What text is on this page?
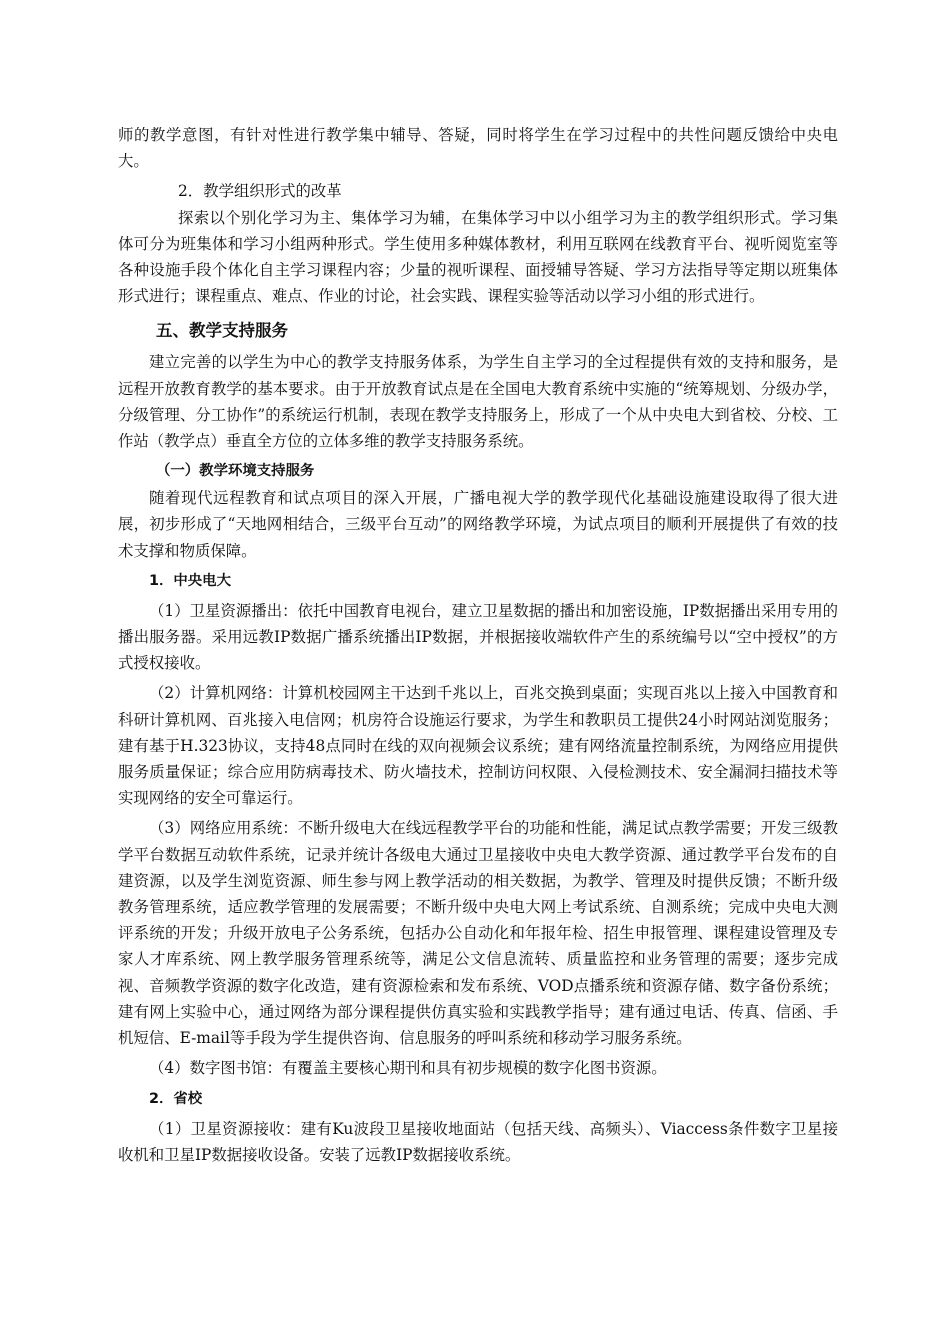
师的教学意图，有针对性进行教学集中辅导、答疑，同时将学生在学习过程中的共性问题反馈给中央电大。

2．教学组织形式的改革

探索以个别化学习为主、集体学习为辅，在集体学习中以小组学习为主的教学组织形式。学习集体可分为班集体和学习小组两种形式。学生使用多种媒体教材，利用互联网在线教育平台、视听阅览室等各种设施手段个体化自主学习课程内容；少量的视听课程、面授辅导答疑、学习方法指导等定期以班集体形式进行；课程重点、难点、作业的讨论，社会实践、课程实验等活动以学习小组的形式进行。

五、教学支持服务

建立完善的以学生为中心的教学支持服务体系，为学生自主学习的全过程提供有效的支持和服务，是远程开放教育教学的基本要求。由于开放教育试点是在全国电大教育系统中实施的“统筹规划、分级办学，分级管理、分工协作”的系统运行机制，表现在教学支持服务上，形成了一个从中央电大到省校、分校、工作站（教学点）垂直全方位的立体多维的教学支持服务系统。

（一）教学环境支持服务

随着现代远程教育和试点项目的深入开展，广播电视大学的教学现代化基础设施建设取得了很大进展，初步形成了“天地网相结合，三级平台互动”的网络教学环境，为试点项目的顺利开展提供了有效的技术支撑和物质保障。

1．中央电大

（1）卫星资源播出：依托中国教育电视台，建立卫星数据的播出和加密设施，IP数据播出采用专用的播出服务器。采用远教IP数据广播系统播出IP数据，并根据接收端软件产生的系统编号以“空中授权”的方式授权接收。

（2）计算机网络：计算机校园网主干达到千兆以上，百兆交换到桌面；实现百兆以上接入中国教育和科研计算机网、百兆接入电信网；机房符合设施运行要求，为学生和教职员工提供24小时网站浏览服务；建有基于H.323协议，支持48点同时在线的双向视频会议系统；建有网络流量控制系统，为网络应用提供服务质量保证；综合应用防病毒技术、防火墙技术，控制访问权限、入侵检测技术、安全漏洞扫描技术等实现网络的安全可靠运行。

（3）网络应用系统：不断升级电大在线远程教学平台的功能和性能，满足试点教学需要；开发三级教学平台数据互动软件系统，记录并统计各级电大通过卫星接收中央电大教学资源、通过教学平台发布的自建资源，以及学生浏览资源、师生参与网上教学活动的相关数据，为教学、管理及时提供反馈；不断升级教务管理系统，适应教学管理的发展需要；不断升级中央电大网上考试系统、自测系统；完成中央电大测评系统的开发；升级开放电子公务系统，包括办公自动化和年报年检、招生申报管理、课程建设管理及专家人才库系统、网上教学服务管理系统等，满足公文信息流转、质量监控和业务管理的需要；逐步完成视、音频教学资源的数字化改造，建有资源检索和发布系统、VOD点播系统和资源存储、数字备份系统；建有网上实验中心，通过网络为部分课程提供仿真实验和实践教学指导；建有通过电话、传真、信函、手机短信、E-mail等手段为学生提供咨询、信息服务的呼叫系统和移动学习服务系统。

（4）数字图书馆：有覆盖主要核心期刊和具有初步规模的数字化图书资源。

2．省校

（1）卫星资源接收：建有Ku波段卫星接收地面站（包括天线、高频头）、Viaccess条件数字卫星接收机和卫星IP数据接收设备。安装了远教IP数据接收系统。
